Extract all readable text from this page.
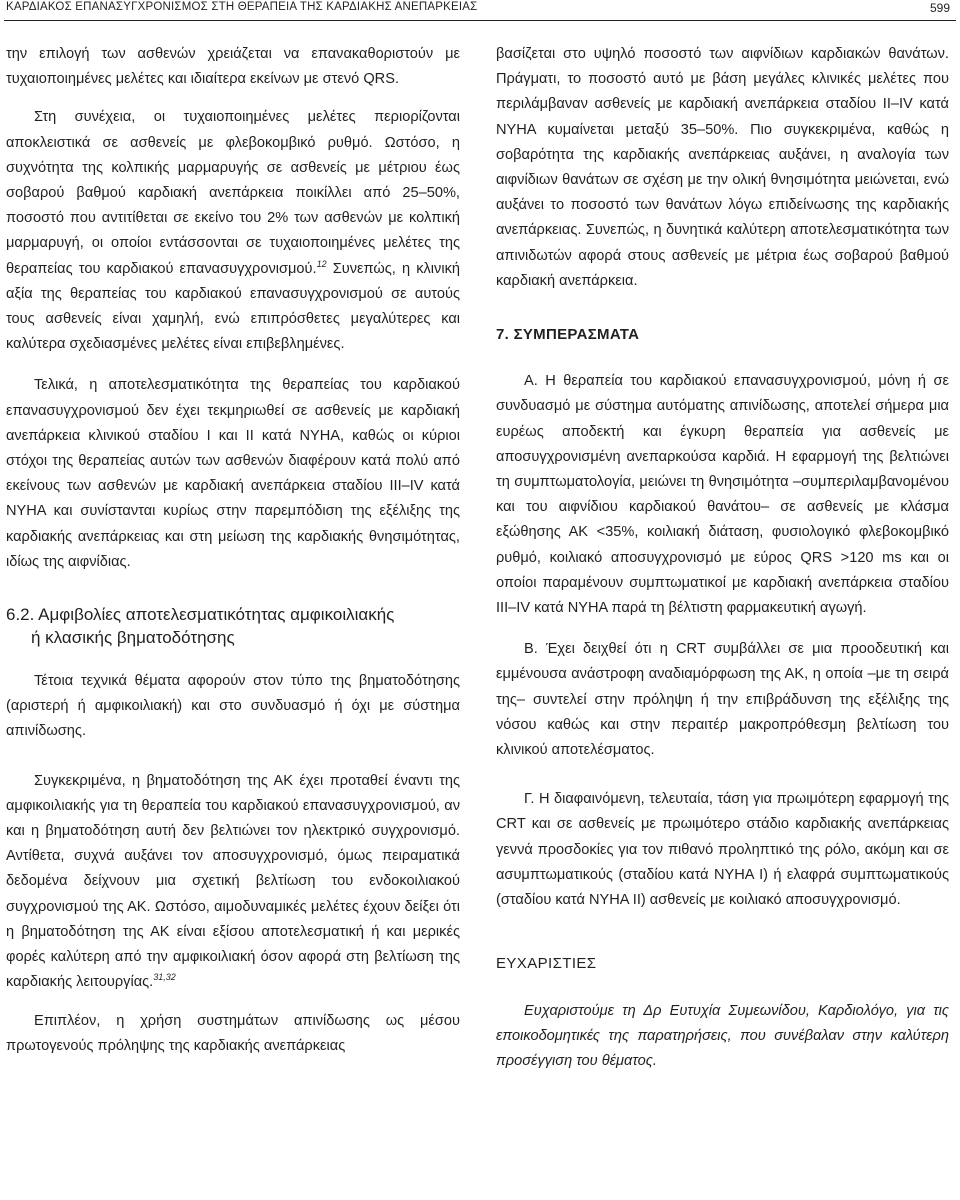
ΚΑΡΔΙΑΚΟΣ ΕΠΑΝΑΣΥΓΧΡΟΝΙΣΜΟΣ ΣΤΗ ΘΕΡΑΠΕΙΑ ΤΗΣ ΚΑΡΔΙΑΚΗΣ ΑΝΕΠΑΡΚΕΙΑΣ	599

την επιλογή των ασθενών χρειάζεται να επανακαθοριστούν με τυχαιοποιημένες μελέτες και ιδιαίτερα εκείνων με στενό QRS.

Στη συνέχεια, οι τυχαιοποιημένες μελέτες περιορίζονται αποκλειστικά σε ασθενείς με φλεβοκομβικό ρυθμό. Ωστόσο, η συχνότητα της κολπικής μαρμαρυγής σε ασθενείς με μέτριου έως σοβαρού βαθμού καρδιακή ανεπάρκεια ποικίλλει από 25–50%, ποσοστό που αντιτίθεται σε εκείνο του 2% των ασθενών με κολπική μαρμαρυγή, οι οποίοι εντάσσονται σε τυχαιοποιημένες μελέτες της θεραπείας του καρδιακού επανασυγχρονισμού.$^{12}$ Συνεπώς, η κλινική αξία της θεραπείας του καρδιακού επανασυγχρονισμού σε αυτούς τους ασθενείς είναι χαμηλή, ενώ επιπρόσθετες μεγαλύτερες και καλύτερα σχεδιασμένες μελέτες είναι επιβεβλημένες.

Τελικά, η αποτελεσματικότητα της θεραπείας του καρδιακού επανασυγχρονισμού δεν έχει τεκμηριωθεί σε ασθενείς με καρδιακή ανεπάρκεια κλινικού σταδίου I και II κατά NYHA, καθώς οι κύριοι στόχοι της θεραπείας αυτών των ασθενών διαφέρουν κατά πολύ από εκείνους των ασθενών με καρδιακή ανεπάρκεια σταδίου III–IV κατά NYHA και συνίστανται κυρίως στην παρεμπόδιση της εξέλιξης της καρδιακής ανεπάρκειας και στη μείωση της καρδιακής θνησιμότητας, ιδίως της αιφνίδιας.

6.2. Αμφιβολίες αποτελεσματικότητας αμφικοιλιακής
ή κλασικής βηματοδότησης

Τέτοια τεχνικά θέματα αφορούν στον τύπο της βηματοδότησης (αριστερή ή αμφικοιλιακή) και στο συνδυασμό ή όχι με σύστημα απινίδωσης.

Συγκεκριμένα, η βηματοδότηση της ΑΚ έχει προταθεί έναντι της αμφικοιλιακής για τη θεραπεία του καρδιακού επανασυγχρονισμού, αν και η βηματοδότηση αυτή δεν βελτιώνει τον ηλεκτρικό συγχρονισμό. Αντίθετα, συχνά αυξάνει τον αποσυγχρονισμό, όμως πειραματικά δεδομένα δείχνουν μια σχετική βελτίωση του ενδοκοιλιακού συγχρονισμού της ΑΚ. Ωστόσο, αιμοδυναμικές μελέτες έχουν δείξει ότι η βηματοδότηση της ΑΚ είναι εξίσου αποτελεσματική ή και μερικές φορές καλύτερη από την αμφικοιλιακή όσον αφορά στη βελτίωση της καρδιακής λειτουργίας.$^{31,32}$

Επιπλέον, η χρήση συστημάτων απινίδωσης ως μέσου πρωτογενούς πρόληψης της καρδιακής ανεπάρκειας

βασίζεται στο υψηλό ποσοστό των αιφνίδιων καρδιακών θανάτων. Πράγματι, το ποσοστό αυτό με βάση μεγάλες κλινικές μελέτες που περιλάμβαναν ασθενείς με καρδιακή ανεπάρκεια σταδίου II–IV κατά NYHA κυμαίνεται μεταξύ 35–50%. Πιο συγκεκριμένα, καθώς η σοβαρότητα της καρδιακής ανεπάρκειας αυξάνει, η αναλογία των αιφνίδιων θανάτων σε σχέση με την ολική θνησιμότητα μειώνεται, ενώ αυξάνει το ποσοστό των θανάτων λόγω επιδείνωσης της καρδιακής ανεπάρκειας. Συνεπώς, η δυνητικά καλύτερη αποτελεσματικότητα των απινιδωτών αφορά στους ασθενείς με μέτρια έως σοβαρού βαθμού καρδιακή ανεπάρκεια.

7. ΣΥΜΠΕΡΑΣΜΑΤΑ

Α. Η θεραπεία του καρδιακού επανασυγχρονισμού, μόνη ή σε συνδυασμό με σύστημα αυτόματης απινίδωσης, αποτελεί σήμερα μια ευρέως αποδεκτή και έγκυρη θεραπεία για ασθενείς με αποσυγχρονισμένη ανεπαρκούσα καρδιά. Η εφαρμογή της βελτιώνει τη συμπτωματολογία, μειώνει τη θνησιμότητα –συμπεριλαμβανομένου και του αιφνίδιου καρδιακού θανάτου– σε ασθενείς με κλάσμα εξώθησης ΑΚ <35%, κοιλιακή διάταση, φυσιολογικό φλεβοκομβικό ρυθμό, κοιλιακό αποσυγχρονισμό με εύρος QRS >120 ms και οι οποίοι παραμένουν συμπτωματικοί με καρδιακή ανεπάρκεια σταδίου III–IV κατά NYHA παρά τη βέλτιστη φαρμακευτική αγωγή.

Β. Έχει δειχθεί ότι η CRT συμβάλλει σε μια προοδευτική και εμμένουσα ανάστροφη αναδιαμόρφωση της ΑΚ, η οποία –με τη σειρά της– συντελεί στην πρόληψη ή την επιβράδυνση της εξέλιξης της νόσου καθώς και στην περαιτέρ μακροπρόθεσμη βελτίωση του κλινικού αποτελέσματος.

Γ. Η διαφαινόμενη, τελευταία, τάση για πρωιμότερη εφαρμογή της CRT και σε ασθενείς με πρωιμότερο στάδιο καρδιακής ανεπάρκειας γεννά προσδοκίες για τον πιθανό προληπτικό της ρόλο, ακόμη και σε ασυμπτωματικούς (σταδίου κατά NYHA I) ή ελαφρά συμπτωματικούς (σταδίου κατά NYHA II) ασθενείς με κοιλιακό αποσυγχρονισμό.

ΕΥΧΑΡΙΣΤΙΕΣ

Ευχαριστούμε τη Δρ Ευτυχία Συμεωνίδου, Καρδιολόγο, για τις εποικοδομητικές της παρατηρήσεις, που συνέβαλαν στην καλύτερη προσέγγιση του θέματος.
